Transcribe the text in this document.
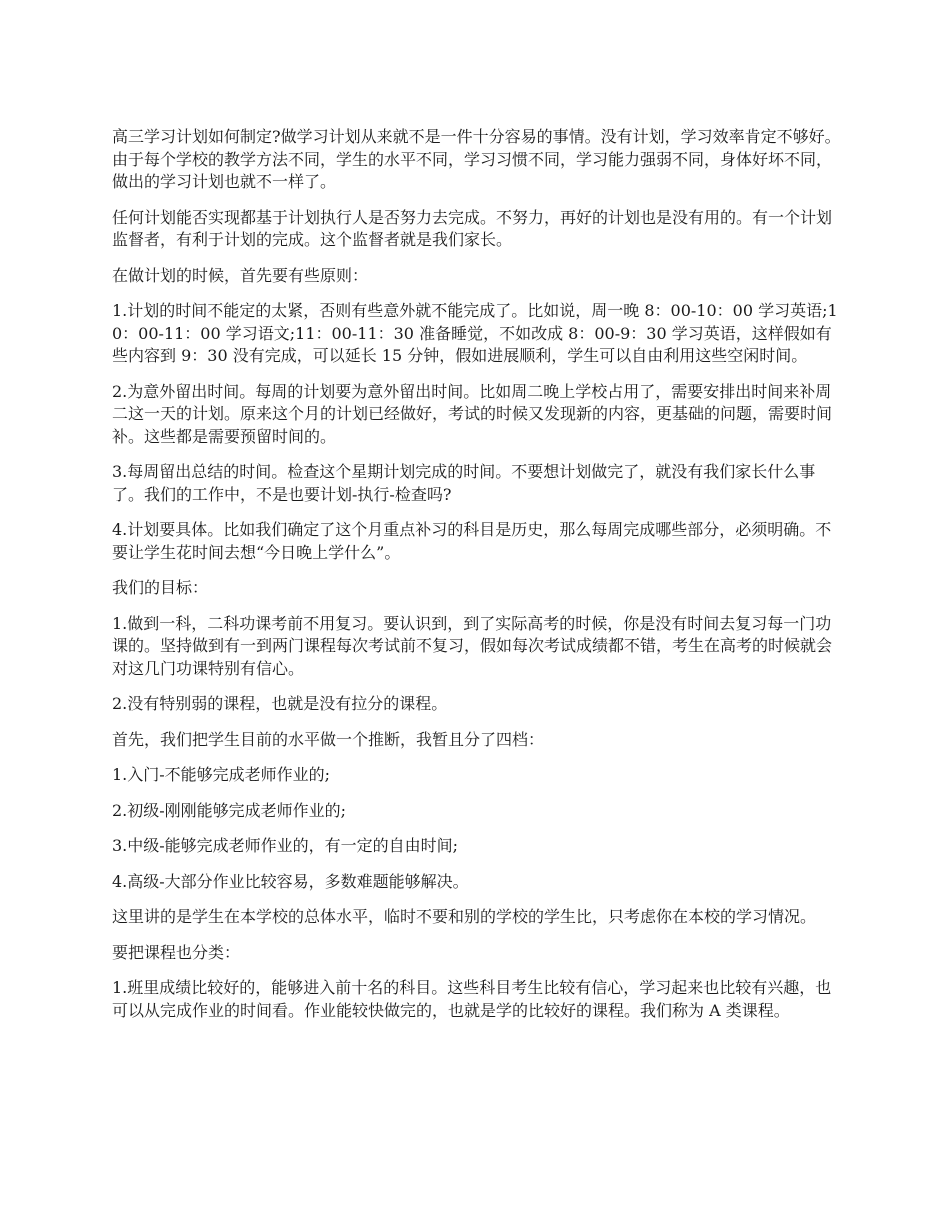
高三学习计划如何制定?做学习计划从来就不是一件十分容易的事情。没有计划，学习效率肯定不够好。由于每个学校的教学方法不同，学生的水平不同，学习习惯不同，学习能力强弱不同，身体好坏不同，做出的学习计划也就不一样了。

任何计划能否实现都基于计划执行人是否努力去完成。不努力，再好的计划也是没有用的。有一个计划监督者，有利于计划的完成。这个监督者就是我们家长。

在做计划的时候，首先要有些原则：

1.计划的时间不能定的太紧，否则有些意外就不能完成了。比如说，周一晚 8：00-10：00 学习英语;10：00-11：00 学习语文;11：00-11：30 准备睡觉，不如改成 8：00-9：30 学习英语，这样假如有些内容到 9：30 没有完成，可以延长 15 分钟，假如进展顺利，学生可以自由利用这些空闲时间。

2.为意外留出时间。每周的计划要为意外留出时间。比如周二晚上学校占用了，需要安排出时间来补周二这一天的计划。原来这个月的计划已经做好，考试的时候又发现新的内容，更基础的问题，需要时间补。这些都是需要预留时间的。

3.每周留出总结的时间。检查这个星期计划完成的时间。不要想计划做完了，就没有我们家长什么事了。我们的工作中，不是也要计划-执行-检查吗?

4.计划要具体。比如我们确定了这个月重点补习的科目是历史，那么每周完成哪些部分，必须明确。不要让学生花时间去想“今日晚上学什么”。

我们的目标：

1.做到一科，二科功课考前不用复习。要认识到，到了实际高考的时候，你是没有时间去复习每一门功课的。坚持做到有一到两门课程每次考试前不复习，假如每次考试成绩都不错，考生在高考的时候就会对这几门功课特别有信心。

2.没有特别弱的课程，也就是没有拉分的课程。

首先，我们把学生目前的水平做一个推断，我暂且分了四档：

1.入门-不能够完成老师作业的;

2.初级-刚刚能够完成老师作业的;

3.中级-能够完成老师作业的，有一定的自由时间;

4.高级-大部分作业比较容易，多数难题能够解决。

这里讲的是学生在本学校的总体水平，临时不要和别的学校的学生比，只考虑你在本校的学习情况。

要把课程也分类：

1.班里成绩比较好的，能够进入前十名的科目。这些科目考生比较有信心，学习起来也比较有兴趣，也可以从完成作业的时间看。作业能较快做完的，也就是学的比较好的课程。我们称为 A 类课程。
